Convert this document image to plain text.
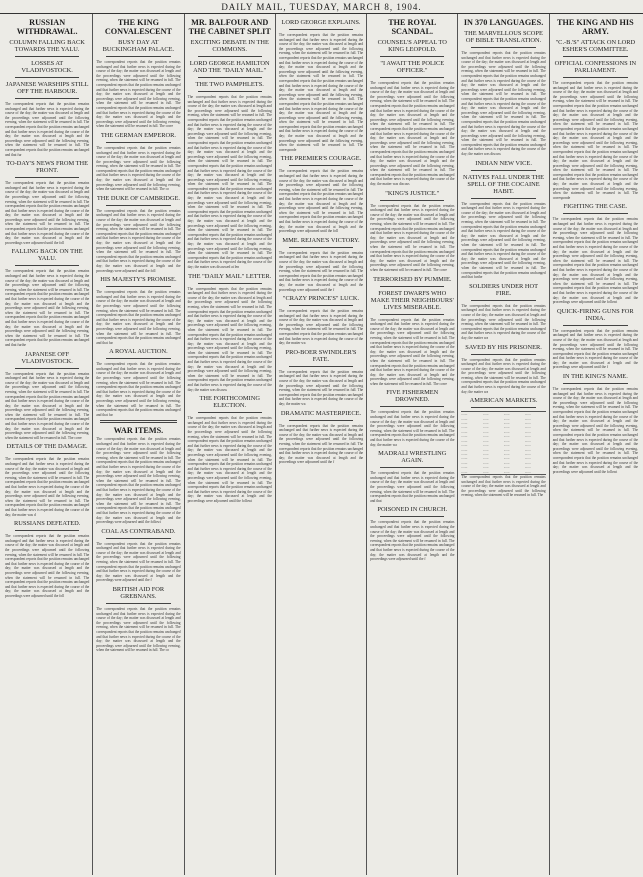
DAILY MAIL, TUESDAY, MARCH 8, 1904.
RUSSIAN WITHDRAWAL.
COLUMN FALLING BACK TOWARDS THE YALU.
LOSSES AT VLADIVOSTOCK.
JAPANESE WARSHIPS STILL OFF THE HARBOUR.

The correspondent reports that the position remains unchanged and that further news is expected during the course of the day; the matter was discussed at length and the proceedings were adjourned until the following evening, when the statement will be resumed in full. The correspondent reports that the position remains unchanged and that further news is expected during the course of the day; the matter was discussed at length and the proceedings were adjourned until the following evening, when the statement will be resumed in full. The correspondent reports that the position remains unchanged and that fur

TO-DAY'S NEWS FROM THE FRONT.

The correspondent reports that the position remains unchanged and that further news is expected during the course of the day; the matter was discussed at length and the proceedings were adjourned until the following evening, when the statement will be resumed in full. The correspondent reports that the position remains unchanged and that further news is expected during the course of the day; the matter was discussed at length and the proceedings were adjourned until the following evening, when the statement will be resumed in full. The correspondent reports that the position remains unchanged and that further news is expected during the course of the day; the matter was discussed at length and the proceedings were adjourned until the foll

FALLING BACK ON THE YALU.

The correspondent reports that the position remains unchanged and that further news is expected during the course of the day; the matter was discussed at length and the proceedings were adjourned until the following evening, when the statement will be resumed in full. The correspondent reports that the position remains unchanged and that further news is expected during the course of the day; the matter was discussed at length and the proceedings were adjourned until the following evening, when the statement will be resumed in full. The correspondent reports that the position remains unchanged and that further news is expected during the course of the day; the matter was discussed at length and the proceedings were adjourned until the following evening, when the statement will be resumed in full. The correspondent reports that the position remains unchanged and that furthe

JAPANESE OFF VLADIVOSTOCK.

The correspondent reports that the position remains unchanged and that further news is expected during the course of the day; the matter was discussed at length and the proceedings were adjourned until the following evening, when the statement will be resumed in full. The correspondent reports that the position remains unchanged and that further news is expected during the course of the day; the matter was discussed at length and the proceedings were adjourned until the following evening, when the statement will be resumed in full. The correspondent reports that the position remains unchanged and that further news is expected during the course of the day; the matter was discussed at length and the proceedings were adjourned until the following evening, when the statement will be resumed in full. The corre

DETAILS OF THE DAMAGE.

The correspondent reports that the position remains unchanged and that further news is expected during the course of the day; the matter was discussed at length and the proceedings were adjourned until the following evening, when the statement will be resumed in full. The correspondent reports that the position remains unchanged and that further news is expected during the course of the day; the matter was discussed at length and the proceedings were adjourned until the following evening, when the statement will be resumed in full. The correspondent reports that the position remains unchanged and that further news is expected during the course of the day; the matter was d

RUSSIANS DEFEATED.

The correspondent reports that the position remains unchanged and that further news is expected during the course of the day; the matter was discussed at length and the proceedings were adjourned until the following evening, when the statement will be resumed in full. The correspondent reports that the position remains unchanged and that further news is expected during the course of the day; the matter was discussed at length and the proceedings were adjourned until the following evening, when the statement will be resumed in full. The correspondent reports that the position remains unchanged and that further news is expected during the course of the day; the matter was discussed at length and the proceedings were adjourned until the foll

THE KING CONVALESCENT
BUSY DAY AT BUCKINGHAM PALACE.

The correspondent reports that the position remains unchanged and that further news is expected during the course of the day; the matter was discussed at length and the proceedings were adjourned until the following evening, when the statement will be resumed in full. The correspondent reports that the position remains unchanged and that further news is expected during the course of the day; the matter was discussed at length and the proceedings were adjourned until the following evening, when the statement will be resumed in full. The correspondent reports that the position remains unchanged and that further news is expected during the course of the day; the matter was discussed at length and the proceedings were adjourned until the following evening, when the statement will be resumed in full. The corre

THE GERMAN EMPEROR.

The correspondent reports that the position remains unchanged and that further news is expected during the course of the day; the matter was discussed at length and the proceedings were adjourned until the following evening, when the statement will be resumed in full. The correspondent reports that the position remains unchanged and that further news is expected during the course of the day; the matter was discussed at length and the proceedings were adjourned until the following evening, when the statement will be resumed in full. The co

THE DUKE OF CAMBRIDGE.

The correspondent reports that the position remains unchanged and that further news is expected during the course of the day; the matter was discussed at length and the proceedings were adjourned until the following evening, when the statement will be resumed in full. The correspondent reports that the position remains unchanged and that further news is expected during the course of the day; the matter was discussed at length and the proceedings were adjourned until the following evening, when the statement will be resumed in full. The correspondent reports that the position remains unchanged and that further news is expected during the course of the day; the matter was discussed at length and the proceedings were adjourned until the foll

HIS MAJESTY'S PROMISE.

The correspondent reports that the position remains unchanged and that further news is expected during the course of the day; the matter was discussed at length and the proceedings were adjourned until the following evening, when the statement will be resumed in full. The correspondent reports that the position remains unchanged and that further news is expected during the course of the day; the matter was discussed at length and the proceedings were adjourned until the following evening, when the statement will be resumed in full. The correspondent reports that the position remains unchanged and that fur

A ROYAL AUCTION.

The correspondent reports that the position remains unchanged and that further news is expected during the course of the day; the matter was discussed at length and the proceedings were adjourned until the following evening, when the statement will be resumed in full. The correspondent reports that the position remains unchanged and that further news is expected during the course of the day; the matter was discussed at length and the proceedings were adjourned until the following evening, when the statement will be resumed in full. The correspondent reports that the position remains unchanged and that fur

WAR ITEMS.

The correspondent reports that the position remains unchanged and that further news is expected during the course of the day; the matter was discussed at length and the proceedings were adjourned until the following evening, when the statement will be resumed in full. The correspondent reports that the position remains unchanged and that further news is expected during the course of the day; the matter was discussed at length and the proceedings were adjourned until the following evening, when the statement will be resumed in full. The correspondent reports that the position remains unchanged and that further news is expected during the course of the day; the matter was discussed at length and the proceedings were adjourned until the following evening, when the statement will be resumed in full. The correspondent reports that the position remains unchanged and that further news is expected during the course of the day; the matter was discussed at length and the proceedings were adjourned until the followi

COAL AS CONTRABAND.

The correspondent reports that the position remains unchanged and that further news is expected during the course of the day; the matter was discussed at length and the proceedings were adjourned until the following evening, when the statement will be resumed in full. The correspondent reports that the position remains unchanged and that further news is expected during the course of the day; the matter was discussed at length and the proceedings were adjourned until the f

BRITISH AID FOR GREBNANS.

The correspondent reports that the position remains unchanged and that further news is expected during the course of the day; the matter was discussed at length and the proceedings were adjourned until the following evening, when the statement will be resumed in full. The correspondent reports that the position remains unchanged and that further news is expected during the course of the day; the matter was discussed at length and the proceedings were adjourned until the following evening, when the statement will be resumed in full. The co

MR. BALFOUR AND THE CABINET SPLIT
EXCITING DEBATE IN THE COMMONS.
LORD GEORGE HAMILTON AND THE "DAILY MAIL."
THE TWO PAMPHLETS.

The correspondent reports that the position remains unchanged and that further news is expected during the course of the day; the matter was discussed at length and the proceedings were adjourned until the following evening, when the statement will be resumed in full. The correspondent reports that the position remains unchanged and that further news is expected during the course of the day; the matter was discussed at length and the proceedings were adjourned until the following evening, when the statement will be resumed in full. The correspondent reports that the position remains unchanged and that further news is expected during the course of the day; the matter was discussed at length and the proceedings were adjourned until the following evening, when the statement will be resumed in full. The correspondent reports that the position remains unchanged and that further news is expected during the course of the day; the matter was discussed at length and the proceedings were adjourned until the following evening, when the statement will be resumed in full. The correspondent reports that the position remains unchanged and that further news is expected during the course of the day; the matter was discussed at length and the proceedings were adjourned until the following evening, when the statement will be resumed in full. The correspondent reports that the position remains unchanged and that further news is expected during the course of the day; the matter was discussed at length and the proceedings were adjourned until the following evening, when the statement will be resumed in full. The correspondent reports that the position remains unchanged and that further news is expected during the course of the day; the matter was discussed at length and the proceedings were adjourned until the following evening, when the statement will be resumed in full. The correspondent reports that the position remains unchanged and that further news is expected during the course of the day; the matter was discussed at len

THE "DAILY MAIL" LETTER.

The correspondent reports that the position remains unchanged and that further news is expected during the course of the day; the matter was discussed at length and the proceedings were adjourned until the following evening, when the statement will be resumed in full. The correspondent reports that the position remains unchanged and that further news is expected during the course of the day; the matter was discussed at length and the proceedings were adjourned until the following evening, when the statement will be resumed in full. The correspondent reports that the position remains unchanged and that further news is expected during the course of the day; the matter was discussed at length and the proceedings were adjourned until the following evening, when the statement will be resumed in full. The correspondent reports that the position remains unchanged and that further news is expected during the course of the day; the matter was discussed at length and the proceedings were adjourned until the following evening, when the statement will be resumed in full. The correspondent reports that the position remains unchanged and that further news is expected during the course of the day; the matter was discuss

THE FORTHCOMING ELECTION.

The correspondent reports that the position remains unchanged and that further news is expected during the course of the day; the matter was discussed at length and the proceedings were adjourned until the following evening, when the statement will be resumed in full. The correspondent reports that the position remains unchanged and that further news is expected during the course of the day; the matter was discussed at length and the proceedings were adjourned until the following evening, when the statement will be resumed in full. The correspondent reports that the position remains unchanged and that further news is expected during the course of the day; the matter was discussed at length and the proceedings were adjourned until the following evening, when the statement will be resumed in full. The correspondent reports that the position remains unchanged and that further news is expected during the course of the day; the matter was discussed at length and the proceedings were adjourned until the followi

LORD GEORGE EXPLAINS.

The correspondent reports that the position remains unchanged and that further news is expected during the course of the day; the matter was discussed at length and the proceedings were adjourned until the following evening, when the statement will be resumed in full. The correspondent reports that the position remains unchanged and that further news is expected during the course of the day; the matter was discussed at length and the proceedings were adjourned until the following evening, when the statement will be resumed in full. The correspondent reports that the position remains unchanged and that further news is expected during the course of the day; the matter was discussed at length and the proceedings were adjourned until the following evening, when the statement will be resumed in full. The correspondent reports that the position remains unchanged and that further news is expected during the course of the day; the matter was discussed at length and the proceedings were adjourned until the following evening, when the statement will be resumed in full. The correspondent reports that the position remains unchanged and that further news is expected during the course of the day; the matter was discussed at length and the proceedings were adjourned until the following evening, when the statement will be resumed in full. The corresponde

THE PREMIER'S COURAGE.

The correspondent reports that the position remains unchanged and that further news is expected during the course of the day; the matter was discussed at length and the proceedings were adjourned until the following evening, when the statement will be resumed in full. The correspondent reports that the position remains unchanged and that further news is expected during the course of the day; the matter was discussed at length and the proceedings were adjourned until the following evening, when the statement will be resumed in full. The correspondent reports that the position remains unchanged and that further news is expected during the course of the day; the matter was discussed at length and the proceedings were adjourned until the foll

MME. REJANE'S VICTORY.

The correspondent reports that the position remains unchanged and that further news is expected during the course of the day; the matter was discussed at length and the proceedings were adjourned until the following evening, when the statement will be resumed in full. The correspondent reports that the position remains unchanged and that further news is expected during the course of the day; the matter was discussed at length and the proceedings were adjourned until the f

"CRAZY PRINCE'S" LUCK.

The correspondent reports that the position remains unchanged and that further news is expected during the course of the day; the matter was discussed at length and the proceedings were adjourned until the following evening, when the statement will be resumed in full. The correspondent reports that the position remains unchanged and that further news is expected during the course of the day; the matter wa

PRO-BOER SWINDLER'S FATE.

The correspondent reports that the position remains unchanged and that further news is expected during the course of the day; the matter was discussed at length and the proceedings were adjourned until the following evening, when the statement will be resumed in full. The correspondent reports that the position remains unchanged and that further news is expected during the course of the day; the matter wa

DRAMATIC MASTERPIECE.

The correspondent reports that the position remains unchanged and that further news is expected during the course of the day; the matter was discussed at length and the proceedings were adjourned until the following evening, when the statement will be resumed in full. The correspondent reports that the position remains unchanged and that further news is expected during the course of the day; the matter was discussed at length and the proceedings were adjourned until the f

THE ROYAL SCANDAL.
COUNSEL'S APPEAL TO KING LEOPOLD.
"I AWAIT THE POLICE OFFICER."

The correspondent reports that the position remains unchanged and that further news is expected during the course of the day; the matter was discussed at length and the proceedings were adjourned until the following evening, when the statement will be resumed in full. The correspondent reports that the position remains unchanged and that further news is expected during the course of the day; the matter was discussed at length and the proceedings were adjourned until the following evening, when the statement will be resumed in full. The correspondent reports that the position remains unchanged and that further news is expected during the course of the day; the matter was discussed at length and the proceedings were adjourned until the following evening, when the statement will be resumed in full. The correspondent reports that the position remains unchanged and that further news is expected during the course of the day; the matter was discussed at length and the proceedings were adjourned until the following evening, when the statement will be resumed in full. The correspondent reports that the position remains unchanged and that further news is expected during the course of the day; the matter was discuss

"KING'S JUSTICE."

The correspondent reports that the position remains unchanged and that further news is expected during the course of the day; the matter was discussed at length and the proceedings were adjourned until the following evening, when the statement will be resumed in full. The correspondent reports that the position remains unchanged and that further news is expected during the course of the day; the matter was discussed at length and the proceedings were adjourned until the following evening, when the statement will be resumed in full. The correspondent reports that the position remains unchanged and that further news is expected during the course of the day; the matter was discussed at length and the proceedings were adjourned until the following evening, when the statement will be resumed in full. The corre

TERRORISED BY PUMMIE.
FOREST DWARFS WHO MAKE THEIR NEIGHBOURS' LIVES MISERABLE.

The correspondent reports that the position remains unchanged and that further news is expected during the course of the day; the matter was discussed at length and the proceedings were adjourned until the following evening, when the statement will be resumed in full. The correspondent reports that the position remains unchanged and that further news is expected during the course of the day; the matter was discussed at length and the proceedings were adjourned until the following evening, when the statement will be resumed in full. The correspondent reports that the position remains unchanged and that further news is expected during the course of the day; the matter was discussed at length and the proceedings were adjourned until the following evening, when the statement will be resumed in full. The corre

FIVE FISHERMEN DROWNED.

The correspondent reports that the position remains unchanged and that further news is expected during the course of the day; the matter was discussed at length and the proceedings were adjourned until the following evening, when the statement will be resumed in full. The correspondent reports that the position remains unchanged and that further news is expected during the course of the day; the matter wa

MADRALI WRESTLING AGAIN.

The correspondent reports that the position remains unchanged and that further news is expected during the course of the day; the matter was discussed at length and the proceedings were adjourned until the following evening, when the statement will be resumed in full. The correspondent reports that the position remains unchanged and that

POISONED IN CHURCH.

The correspondent reports that the position remains unchanged and that further news is expected during the course of the day; the matter was discussed at length and the proceedings were adjourned until the following evening, when the statement will be resumed in full. The correspondent reports that the position remains unchanged and that further news is expected during the course of the day; the matter was discussed at length and the proceedings were adjourned until the f

IN 370 LANGUAGES.
THE MARVELLOUS SCOPE OF BIBLE TRANSLATION.

The correspondent reports that the position remains unchanged and that further news is expected during the course of the day; the matter was discussed at length and the proceedings were adjourned until the following evening, when the statement will be resumed in full. The correspondent reports that the position remains unchanged and that further news is expected during the course of the day; the matter was discussed at length and the proceedings were adjourned until the following evening, when the statement will be resumed in full. The correspondent reports that the position remains unchanged and that further news is expected during the course of the day; the matter was discussed at length and the proceedings were adjourned until the following evening, when the statement will be resumed in full. The correspondent reports that the position remains unchanged and that further news is expected during the course of the day; the matter was discussed at length and the proceedings were adjourned until the following evening, when the statement will be resumed in full. The correspondent reports that the position remains unchanged and that further news is expected during the course of the day; the matter was discuss

INDIAN NEW VICE.
NATIVES FALL UNDER THE SPELL OF THE COCAINE HABIT.

The correspondent reports that the position remains unchanged and that further news is expected during the course of the day; the matter was discussed at length and the proceedings were adjourned until the following evening, when the statement will be resumed in full. The correspondent reports that the position remains unchanged and that further news is expected during the course of the day; the matter was discussed at length and the proceedings were adjourned until the following evening, when the statement will be resumed in full. The correspondent reports that the position remains unchanged and that further news is expected during the course of the day; the matter was discussed at length and the proceedings were adjourned until the following evening, when the statement will be resumed in full. The correspondent reports that the position remains unchanged and that furthe

SOLDIERS UNDER HOT FIRE.

The correspondent reports that the position remains unchanged and that further news is expected during the course of the day; the matter was discussed at length and the proceedings were adjourned until the following evening, when the statement will be resumed in full. The correspondent reports that the position remains unchanged and that further news is expected during the course of the day; the matter wa

SAVED BY HIS PRISONER.

The correspondent reports that the position remains unchanged and that further news is expected during the course of the day; the matter was discussed at length and the proceedings were adjourned until the following evening, when the statement will be resumed in full. The correspondent reports that the position remains unchanged and that further news is expected during the course of the day; the matter wa

AMERICAN MARKETS.
.......	.......	.......	.......
.......	.......	.......	.......
.......	.......	.......	.......
.......	.......	.......	.......
.......	.......	.......	.......
.......	.......	.......	.......
.......	.......	.......	.......
.......	.......	.......	.......
.......	.......	.......	.......
.......	.......	.......	.......
.......	.......	.......	.......
.......	.......	.......	.......
.......	.......	.......	.......
.......	.......	.......	.......

The correspondent reports that the position remains unchanged and that further news is expected during the course of the day; the matter was discussed at length and the proceedings were adjourned until the following evening, when the statement will be resumed in full. The

THE KING AND HIS ARMY.
"C.-B.'S" ATTACK ON LORD ESHER'S COMMITTEE.
OFFICIAL CONFESSIONS IN PARLIAMENT.

The correspondent reports that the position remains unchanged and that further news is expected during the course of the day; the matter was discussed at length and the proceedings were adjourned until the following evening, when the statement will be resumed in full. The correspondent reports that the position remains unchanged and that further news is expected during the course of the day; the matter was discussed at length and the proceedings were adjourned until the following evening, when the statement will be resumed in full. The correspondent reports that the position remains unchanged and that further news is expected during the course of the day; the matter was discussed at length and the proceedings were adjourned until the following evening, when the statement will be resumed in full. The correspondent reports that the position remains unchanged and that further news is expected during the course of the day; the matter was discussed at length and the proceedings were adjourned until the following evening, when the statement will be resumed in full. The correspondent reports that the position remains unchanged and that further news is expected during the course of the day; the matter was discussed at length and the proceedings were adjourned until the following evening, when the statement will be resumed in full. The corresponde

FIGHTING THE CASE.

The correspondent reports that the position remains unchanged and that further news is expected during the course of the day; the matter was discussed at length and the proceedings were adjourned until the following evening, when the statement will be resumed in full. The correspondent reports that the position remains unchanged and that further news is expected during the course of the day; the matter was discussed at length and the proceedings were adjourned until the following evening, when the statement will be resumed in full. The correspondent reports that the position remains unchanged and that further news is expected during the course of the day; the matter was discussed at length and the proceedings were adjourned until the following evening, when the statement will be resumed in full. The correspondent reports that the position remains unchanged and that further news is expected during the course of the day; the matter was discussed at length and the proceedings were adjourned until the followi

QUICK-FIRING GUNS FOR INDIA.

The correspondent reports that the position remains unchanged and that further news is expected during the course of the day; the matter was discussed at length and the proceedings were adjourned until the following evening, when the statement will be resumed in full. The correspondent reports that the position remains unchanged and that further news is expected during the course of the day; the matter was discussed at length and the proceedings were adjourned until the f

IN THE KING'S NAME.

The correspondent reports that the position remains unchanged and that further news is expected during the course of the day; the matter was discussed at length and the proceedings were adjourned until the following evening, when the statement will be resumed in full. The correspondent reports that the position remains unchanged and that further news is expected during the course of the day; the matter was discussed at length and the proceedings were adjourned until the following evening, when the statement will be resumed in full. The correspondent reports that the position remains unchanged and that further news is expected during the course of the day; the matter was discussed at length and the proceedings were adjourned until the following evening, when the statement will be resumed in full. The correspondent reports that the position remains unchanged and that further news is expected during the course of the day; the matter was discussed at length and the proceedings were adjourned until the followi
